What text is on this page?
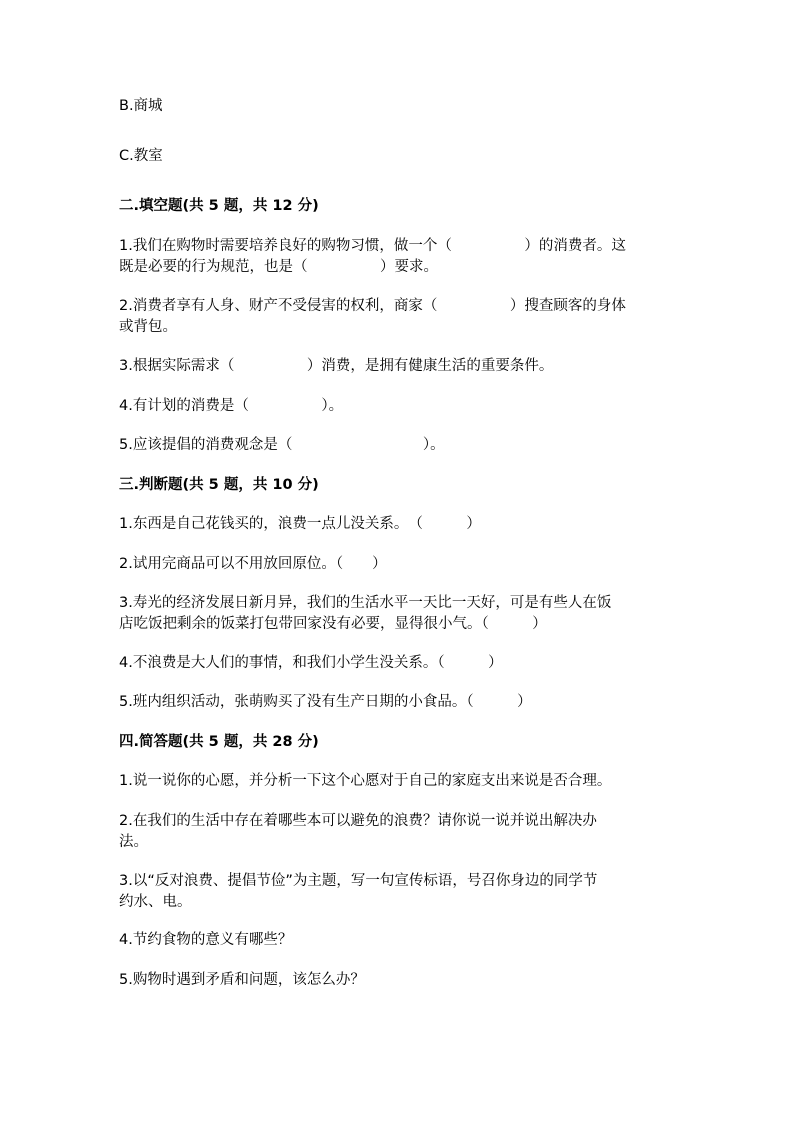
B.商城
C.教室
二.填空题(共 5 题，共 12 分)
1.我们在购物时需要培养良好的购物习惯，做一个（　　　　　）的消费者。这
既是必要的行为规范，也是（　　　　　）要求。
2.消费者享有人身、财产不受侵害的权利，商家（　　　　　）搜查顾客的身体
或背包。
3.根据实际需求（　　　　　）消费，是拥有健康生活的重要条件。
4.有计划的消费是（　　　　　）。
5.应该提倡的消费观念是（　　　　　　　　　）。
三.判断题(共 5 题，共 10 分)
1.东西是自己花钱买的，浪费一点儿没关系。　（　　　）
2.试用完商品可以不用放回原位。（　　）
3.寿光的经济发展日新月异，我们的生活水平一天比一天好，可是有些人在饭
店吃饭把剩余的饭菜打包带回家没有必要，显得很小气。（　　　）
4.不浪费是大人们的事情，和我们小学生没关系。（　　　）
5.班内组织活动，张萌购买了没有生产日期的小食品。（　　　）
四.简答题(共 5 题，共 28 分)
1.说一说你的心愿，并分析一下这个心愿对于自己的家庭支出来说是否合理。
2.在我们的生活中存在着哪些本可以避免的浪费？请你说一说并说出解决办
法。
3.以“反对浪费、提倡节俭”为主题，写一句宣传标语，号召你身边的同学节
约水、电。
4.节约食物的意义有哪些？
5.购物时遇到矛盾和问题，该怎么办？
